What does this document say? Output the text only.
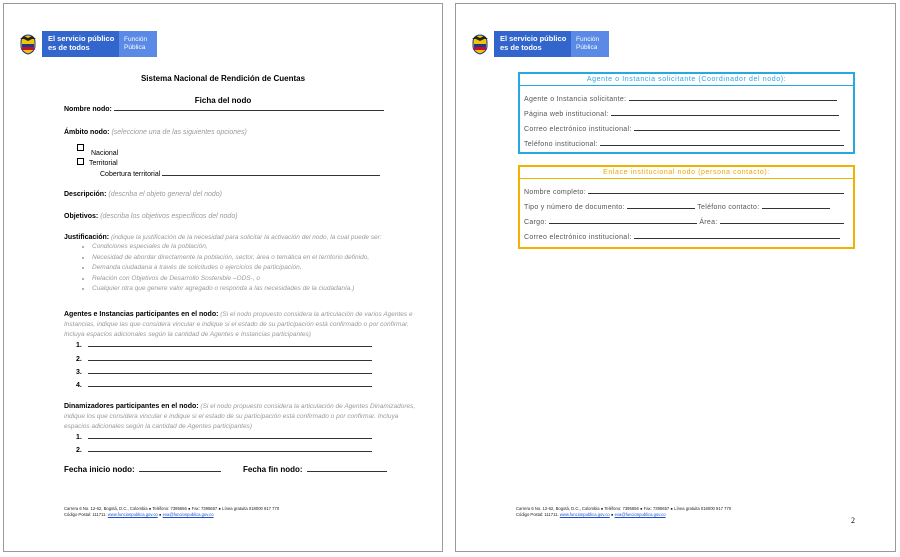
El servicio público
es de todos
Función
Pública
Sistema Nacional de Rendición de Cuentas
Ficha del nodo
Nombre nodo:
Ámbito nodo: (seleccione una de las siguientes opciones)
Nacional
Territorial
Cobertura territorial
Descripción: (describa el objeto general del nodo)
Objetivos: (describa los objetivos específicos del nodo)
Justificación: (indique la justificación de la necesidad para solicitar la activación del nodo, la cual puede ser:
• Condiciones especiales de la población,
• Necesidad de abordar directamente la población, sector, área o temática en el territorio definido,
• Demanda ciudadana a través de solicitudes o ejercicios de participación,
• Relación con Objetivos de Desarrollo Sostenible –ODS-, o
• Cualquier otra que genere valor agregado o responda a las necesidades de la ciudadanía.)
Agentes e Instancias participantes en el nodo: (Si el nodo propuesto considera la articulación de varios Agentes e
Instancias, indique las que considera vincular e indique si el estado de su participación está confirmado o por confirmar.
Incluya espacios adicionales según la cantidad de Agentes e Instancias participantes)
1.
2.
3.
4.
Dinamizadores participantes en el nodo: (Si el nodo propuesto considera la articulación de Agentes Dinamizadores,
indique los que considera vincular e indique si el estado de su participación está confirmado o por confirmar. Incluya
espacios adicionales según la cantidad de Agentes participantes)
1.
2.
Fecha inicio nodo:	Fecha fin nodo:
Carrera 6 No. 12-62, Bogotá, D.C., Colombia ● Teléfono: 7395656 ● Fax: 7395657 ● Línea gratuita 018000 917 770
Código Postal: 111711. www.funcionpublica.gov.co ● eva@funcionpublica.gov.co
El servicio público
es de todos
Función
Pública
Agente o Instancia solicitante (Coordinador del nodo):
Agente o Instancia solicitante:
Página web institucional:
Correo electrónico institucional:
Teléfono institucional:
Enlace institucional nodo (persona contacto):
Nombre completo:
Tipo y número de documento:	Teléfono contacto:
Cargo:	Área:
Correo electrónico institucional:
Carrera 6 No. 12-62, Bogotá, D.C., Colombia ● Teléfono: 7395656 ● Fax: 7395657 ● Línea gratuita 018000 917 770
Código Postal: 111711. www.funcionpublica.gov.co ● eva@funcionpublica.gov.co
2
